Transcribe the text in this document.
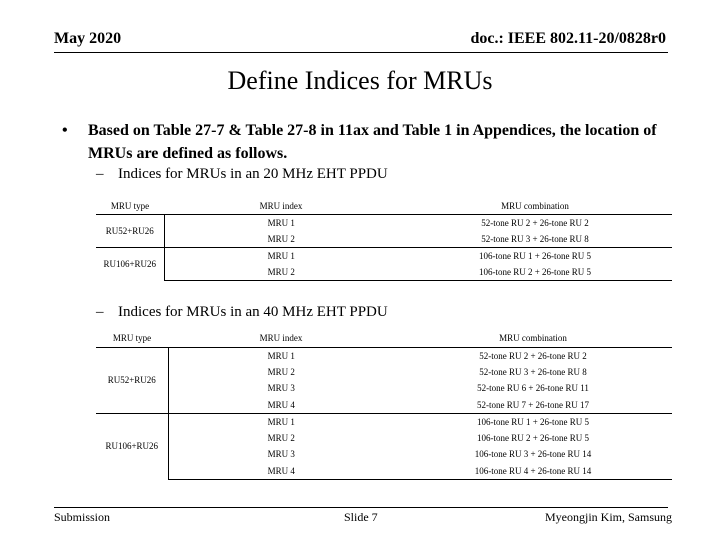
May 2020	doc.: IEEE 802.11-20/0828r0
Define Indices for MRUs
• Based on Table 27-7 & Table 27-8 in 11ax and Table 1 in Appendices, the location of MRUs are defined as follows.
– Indices for MRUs in an 20 MHz EHT PPDU
MRU type	MRU index	MRU combination
RU52+RU26	MRU 1	52-tone RU 2 + 26-tone RU 2
	MRU 2	52-tone RU 3 + 26-tone RU 8
RU106+RU26	MRU 1	106-tone RU 1 + 26-tone RU 5
	MRU 2	106-tone RU 2 + 26-tone RU 5
– Indices for MRUs in an 40 MHz EHT PPDU
MRU type	MRU index	MRU combination
RU52+RU26	MRU 1	52-tone RU 2 + 26-tone RU 2
	MRU 2	52-tone RU 3 + 26-tone RU 8
	MRU 3	52-tone RU 6 + 26-tone RU 11
	MRU 4	52-tone RU 7 + 26-tone RU 17
RU106+RU26	MRU 1	106-tone RU 1 + 26-tone RU 5
	MRU 2	106-tone RU 2 + 26-tone RU 5
	MRU 3	106-tone RU 3 + 26-tone RU 14
	MRU 4	106-tone RU 4 + 26-tone RU 14
Submission	Slide 7	Myeongjin Kim, Samsung
